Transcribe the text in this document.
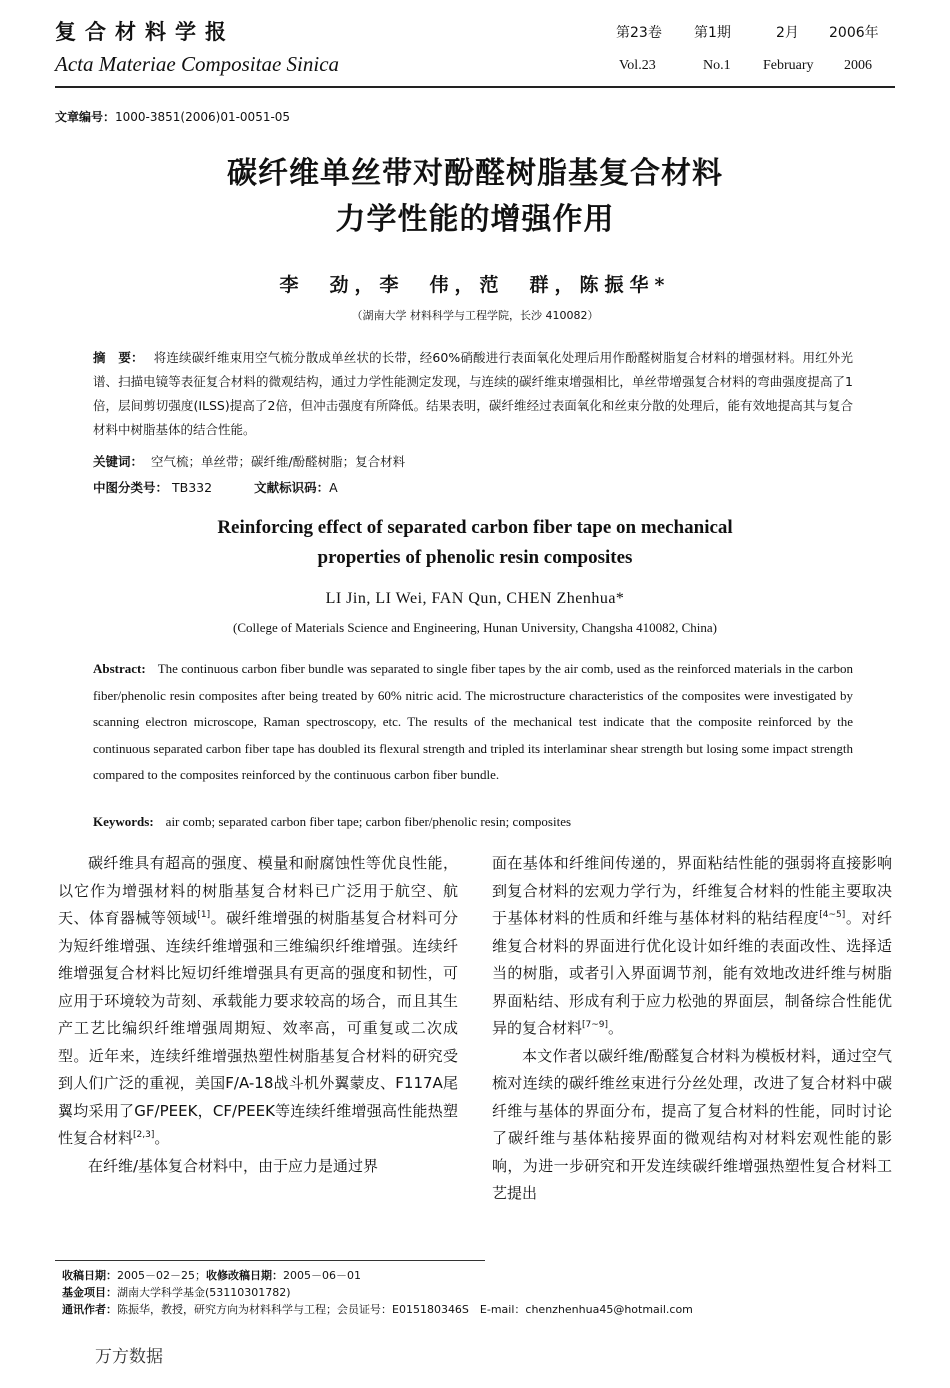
复合材料学报
Acta Materiae Compositae Sinica
第23卷 第1期	2月 2006年
Vol.23	No.1 February 2006
文章编号：1000-3851(2006)01-0051-05
碳纤维单丝带对酚醛树脂基复合材料
力学性能的增强作用
李　劲，李　伟，范　群，陈振华*
（湖南大学 材料科学与工程学院，长沙 410082）
摘　要： 将连续碳纤维束用空气梳分散成单丝状的长带，经60%硝酸进行表面氧化处理后用作酚醛树脂复合材料的增强材料。用红外光谱、扫描电镜等表征复合材料的微观结构，通过力学性能测定发现，与连续的碳纤维束增强相比，单丝带增强复合材料的弯曲强度提高了1倍，层间剪切强度(ILSS)提高了2倍，但冲击强度有所降低。结果表明，碳纤维经过表面氧化和丝束分散的处理后，能有效地提高其与复合材料中树脂基体的结合性能。
关键词： 空气梳；单丝带；碳纤维/酚醛树脂；复合材料
中图分类号： TB332	文献标识码：A
Reinforcing effect of separated carbon fiber tape on mechanical
properties of phenolic resin composites
LI Jin, LI Wei, FAN Qun, CHEN Zhenhua*
(College of Materials Science and Engineering, Hunan University, Changsha 410082, China)
Abstract: The continuous carbon fiber bundle was separated to single fiber tapes by the air comb, used as the reinforced materials in the carbon fiber/phenolic resin composites after being treated by 60% nitric acid. The microstructure characteristics of the composites were investigated by scanning electron microscope, Raman spectroscopy, etc. The results of the mechanical test indicate that the composite reinforced by the continuous separated carbon fiber tape has doubled its flexural strength and tripled its interlaminar shear strength but losing some impact strength compared to the composites reinforced by the continuous carbon fiber bundle.
Keywords: air comb; separated carbon fiber tape; carbon fiber/phenolic resin; composites

碳纤维具有超高的强度、模量和耐腐蚀性等优良性能，以它作为增强材料的树脂基复合材料已广泛用于航空、航天、体育器械等领域[1]。碳纤维增强的树脂基复合材料可分为短纤维增强、连续纤维增强和三维编织纤维增强。连续纤维增强复合材料比短切纤维增强具有更高的强度和韧性，可应用于环境较为苛刻、承载能力要求较高的场合，而且其生产工艺比编织纤维增强周期短、效率高，可重复或二次成型。近年来，连续纤维增强热塑性树脂基复合材料的研究受到人们广泛的重视，美国F/A-18战斗机外翼蒙皮、F117A尾翼均采用了GF/PEEK，CF/PEEK等连续纤维增强高性能热塑性复合材料[2,3]。

在纤维/基体复合材料中，由于应力是通过界

面在基体和纤维间传递的，界面粘结性能的强弱将直接影响到复合材料的宏观力学行为，纤维复合材料的性能主要取决于基体材料的性质和纤维与基体材料的粘结程度[4~5]。对纤维复合材料的界面进行优化设计如纤维的表面改性、选择适当的树脂，或者引入界面调节剂，能有效地改进纤维与树脂界面粘结、形成有利于应力松弛的界面层，制备综合性能优异的复合材料[7~9]。

本文作者以碳纤维/酚醛复合材料为模板材料，通过空气梳对连续的碳纤维丝束进行分丝处理，改进了复合材料中碳纤维与基体的界面分布，提高了复合材料的性能，同时讨论了碳纤维与基体粘接界面的微观结构对材料宏观性能的影响，为进一步研究和开发连续碳纤维增强热塑性复合材料工艺提出

收稿日期：2005－02－25；收修改稿日期：2005－06－01
基金项目：湖南大学科学基金(53110301782)
通讯作者：陈振华，教授，研究方向为材料科学与工程；会员证号：E015180346S　E-mail：chenzhenhua45@hotmail.com
万方数据
